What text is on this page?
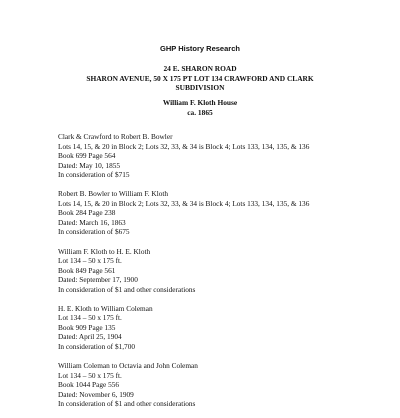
GHP History Research
24 E. SHARON ROAD
SHARON AVENUE, 50 X 175 PT LOT 134 CRAWFORD AND CLARK
SUBDIVISION
William F. Kloth House
ca. 1865
Clark & Crawford to Robert B. Bowler
Lots 14, 15, & 20 in Block 2; Lots 32, 33, & 34 is Block 4; Lots 133, 134, 135, & 136
Book 699 Page 564
Dated: May 10, 1855
In consideration of $715
Robert B. Bowler to William F. Kloth
Lots 14, 15, & 20 in Block 2; Lots 32, 33, & 34 is Block 4; Lots 133, 134, 135, & 136
Book 284 Page 238
Dated: March 16, 1863
In consideration of $675
William F. Kloth to H. E. Kloth
Lot 134 – 50 x 175 ft.
Book 849 Page 561
Dated: September 17, 1900
In consideration of $1 and other considerations
H. E. Kloth to William Coleman
Lot 134 – 50 x 175 ft.
Book 909 Page 135
Dated: April 25, 1904
In consideration of $1,700
William Coleman to Octavia and John Coleman
Lot 134 – 50 x 175 ft.
Book 1044 Page 556
Dated: November 6, 1909
In consideration of $1 and other considerations
